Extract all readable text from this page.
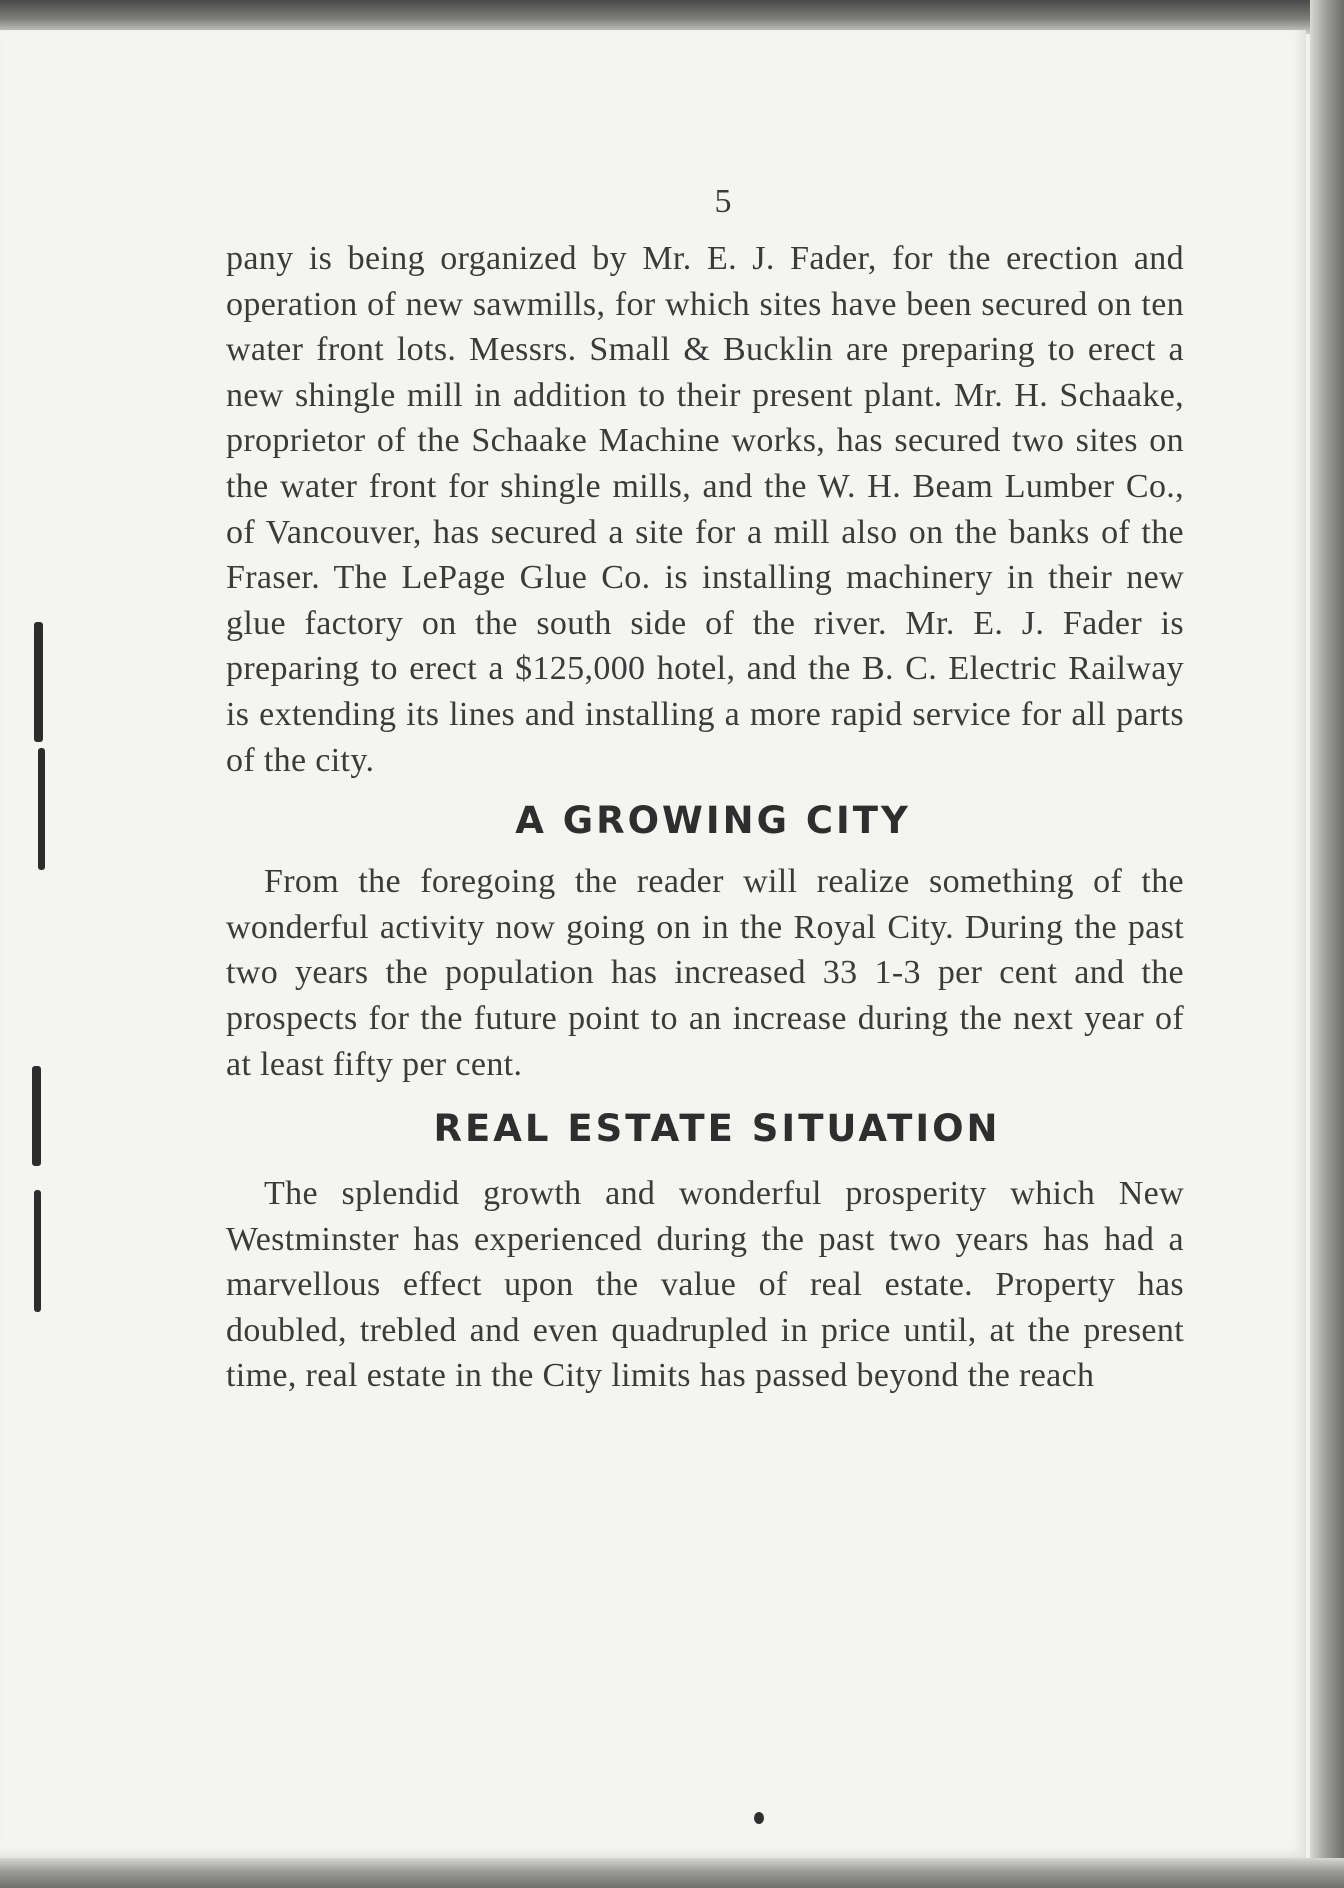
5

pany is being organized by Mr. E. J. Fader, for the erection and operation of new sawmills, for which sites have been secured on ten water front lots. Messrs. Small & Bucklin are preparing to erect a new shingle mill in addition to their present plant. Mr. H. Schaake, proprietor of the Schaake Machine works, has secured two sites on the water front for shingle mills, and the W. H. Beam Lumber Co., of Vancouver, has secured a site for a mill also on the banks of the Fraser. The LePage Glue Co. is installing machinery in their new glue factory on the south side of the river. Mr. E. J. Fader is preparing to erect a $125,000 hotel, and the B. C. Electric Railway is extending its lines and installing a more rapid service for all parts of the city.

A GROWING CITY

From the foregoing the reader will realize something of the wonderful activity now going on in the Royal City. During the past two years the population has increased 33 1-3 per cent and the prospects for the future point to an increase during the next year of at least fifty per cent.

REAL ESTATE SITUATION

The splendid growth and wonderful prosperity which New Westminster has experienced during the past two years has had a marvellous effect upon the value of real estate. Property has doubled, trebled and even quadrupled in price until, at the present time, real estate in the City limits has passed beyond the reach
